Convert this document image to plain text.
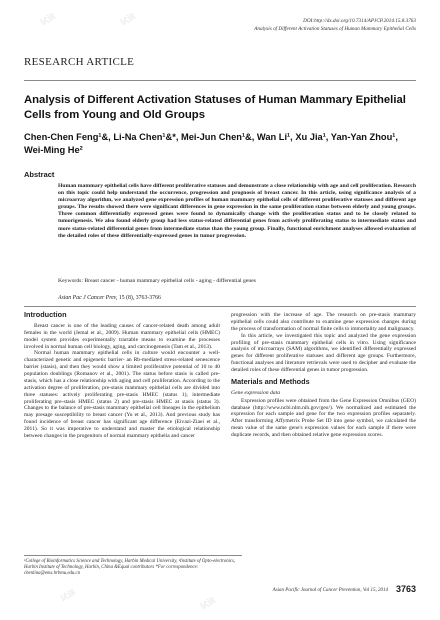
DOI:http://dx.doi.org/10.7314/APJCP.2014.15.8.3763
Analysis of Different Activation Statuses of Human Mammary Epithelial Cells
RESEARCH ARTICLE
Analysis of Different Activation Statuses of Human Mammary Epithelial Cells from Young and Old Groups
Chen-Chen Feng¹&, Li-Na Chen¹&*, Mei-Jun Chen¹&, Wan Li¹, Xu Jia¹, Yan-Yan Zhou¹, Wei-Ming He²
Abstract
Human mammary epithelial cells have different proliferative statuses and demonstrate a close relationship with age and cell proliferation. Research on this topic could help understand the occurrence, progression and prognosis of breast cancer. In this article, using significance analysis of a microarray algorithm, we analyzed gene expression profiles of human mammary epithelial cells of different proliferative statuses and different age groups. The results showed there were significant differences in gene expression in the same proliferation status between elderly and young groups. Three common differentially expressed genes were found to dynamically change with the proliferation status and to be closely related to tumorigenesis. We also found elderly group had less status-related differential genes from actively proliferating status to intermediate status and more status-related differential genes from intermediate status than the young group. Finally, functional enrichment analyses allowed evaluation of the detailed roles of these differentially-expressed genes in tumor progression.
Keywords: Breast cancer - human mammary epithelial cells - aging - differential genes
Asian Pac J Cancer Prev, 15 (8), 3763-3766
Introduction

Breast cancer is one of the leading causes of cancer-related death among adult females in the world (Jemal et al., 2009). Human mammary epithelial cells (HMEC) model system provides experimentally tractable means to examine the processes involved in normal human cell biology, aging, and carcinogenesis (Tam et al., 2013).

Normal human mammary epithelial cells in culture would encounter a well-characterized genetic and epigenetic barrier- an Rb-mediated stress-related senescence barrier (stasis), and then they would show a limited proliferative potential of 10 to 40 population doublings (Romanov et al., 2001). The status before stasis is called pre-stasis, which has a close relationship with aging and cell proliferation. According to the activation degree of proliferation, pre-stasis mammary epithelial cells are divided into three statuses: actively proliferating pre-stasis HMEC (status 1), intermediate proliferating pre-stasis HMEC (status 2) and pre-stasis HMEC at stasis (status 3). Changes to the balance of pre-stasis mammary epithelial cell lineages in the epithelium may presage susceptibility to breast cancer (Yu et al., 2013). And previous study has found incidence of breast cancer has significant age difference (Eivazi-Ziaei et al., 2011). So it was imperative to understand and master the etiological relationship between changes in the progenitors of normal mammary epithelia and cancer

progression with the increase of age. The research on pre-stasis mammary epithelial cells could also contribute to examine gene expression changes during the process of transformation of normal finite cells to immortality and malignancy.

In this article, we investigated this topic and analyzed the gene expression profiling of pre-stasis mammary epithelial cells in vitro. Using significance analysis of microarrays (SAM) algorithms, we identified differentially expressed genes for different proliferative statuses and different age groups. Furthermore, functional analyses and literature retrievals were used to decipher and evaluate the detailed roles of these differential genes in tumor progression.

Materials and Methods
Gene expression data

Expression profiles were obtained from the Gene Expression Omnibus (GEO) database (http://www.ncbi.nlm.nih.gov/geo/). We normalized and estimated the expression for each sample and gene for the two expression profiles separately. After transforming Affymetrix Probe Set ID into gene symbol, we calculated the mean value of the same gene's expression values for each sample if there were duplicate records, and then obtained relative gene expression scores.

试读	试读
试读
试读
¹College of Bioinformatics Science and Technology, Harbin Medical University, ²Institute of Opto-electronics, Harbin Institute of Technology, Harbin, China &Equal contributors *For correspondence: chenlina@ems.hrbmu.edu.cn
Asian Pacific Journal of Cancer Prevention, Vol 15, 2014 3763
